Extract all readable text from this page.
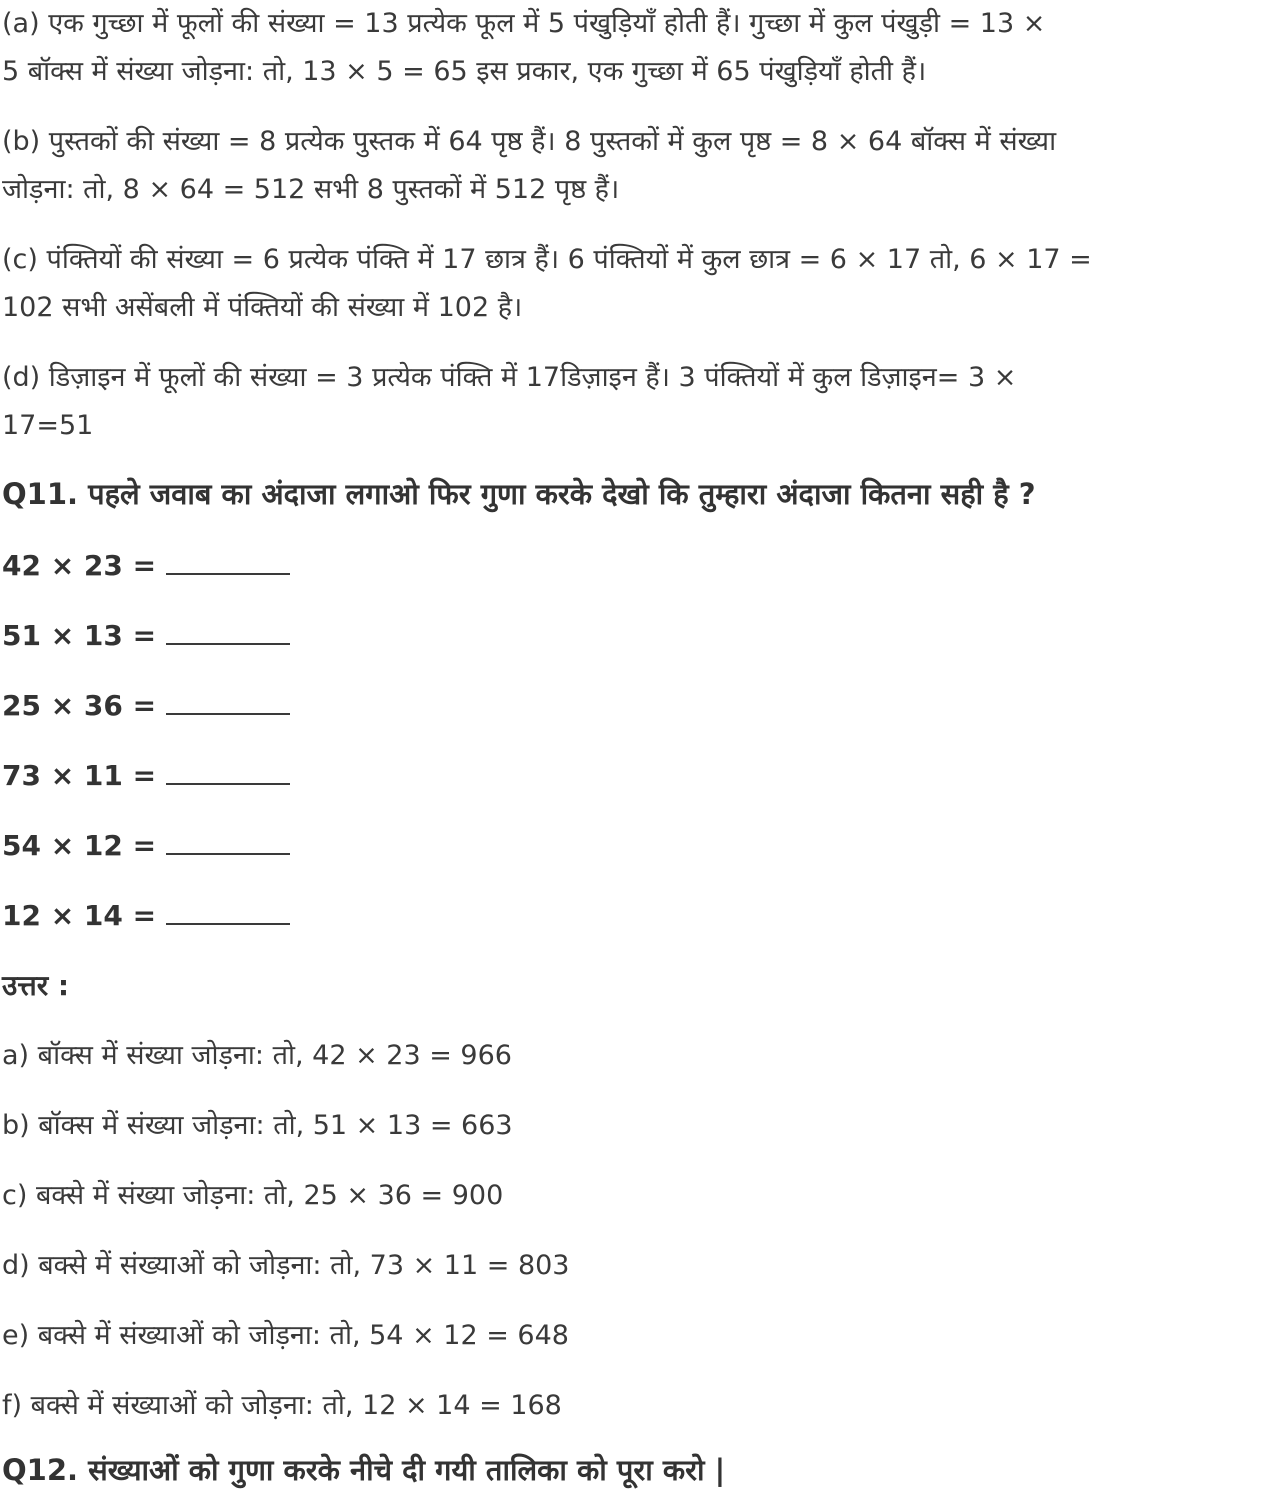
(a) एक गुच्छा में फूलों की संख्या = 13 प्रत्येक फूल में 5 पंखुड़ियाँ होती हैं। गुच्छा में कुल पंखुड़ी = 13 ×
5 बॉक्स में संख्या जोड़ना: तो, 13 × 5 = 65 इस प्रकार, एक गुच्छा में 65 पंखुड़ियाँ होती हैं।

(b) पुस्तकों की संख्या = 8 प्रत्येक पुस्तक में 64 पृष्ठ हैं। 8 पुस्तकों में कुल पृष्ठ = 8 × 64 बॉक्स में संख्या
जोड़ना: तो, 8 × 64 = 512 सभी 8 पुस्तकों में 512 पृष्ठ हैं।

(c) पंक्तियों की संख्या = 6 प्रत्येक पंक्ति में 17 छात्र हैं। 6 पंक्तियों में कुल छात्र = 6 × 17 तो, 6 × 17 =
102 सभी असेंबली में पंक्तियों की संख्या में 102 है।

(d) डिज़ाइन में फूलों की संख्या = 3 प्रत्येक पंक्ति में 17डिज़ाइन हैं। 3 पंक्तियों में कुल डिज़ाइन= 3 ×
17=51

Q11. पहले जवाब का अंदाजा लगाओ फिर गुणा करके देखो कि तुम्हारा अंदाजा कितना सही है ?
42 × 23 =
51 × 13 =
25 × 36 =
73 × 11 =
54 × 12 =
12 × 14 =
उत्तर :
a) बॉक्स में संख्या जोड़ना: तो, 42 × 23 = 966
b) बॉक्स में संख्या जोड़ना: तो, 51 × 13 = 663
c) बक्से में संख्या जोड़ना: तो, 25 × 36 = 900
d) बक्से में संख्याओं को जोड़ना: तो, 73 × 11 = 803
e) बक्से में संख्याओं को जोड़ना: तो, 54 × 12 = 648
f) बक्से में संख्याओं को जोड़ना: तो, 12 × 14 = 168
Q12. संख्याओं को गुणा करके नीचे दी गयी तालिका को पूरा करो |
